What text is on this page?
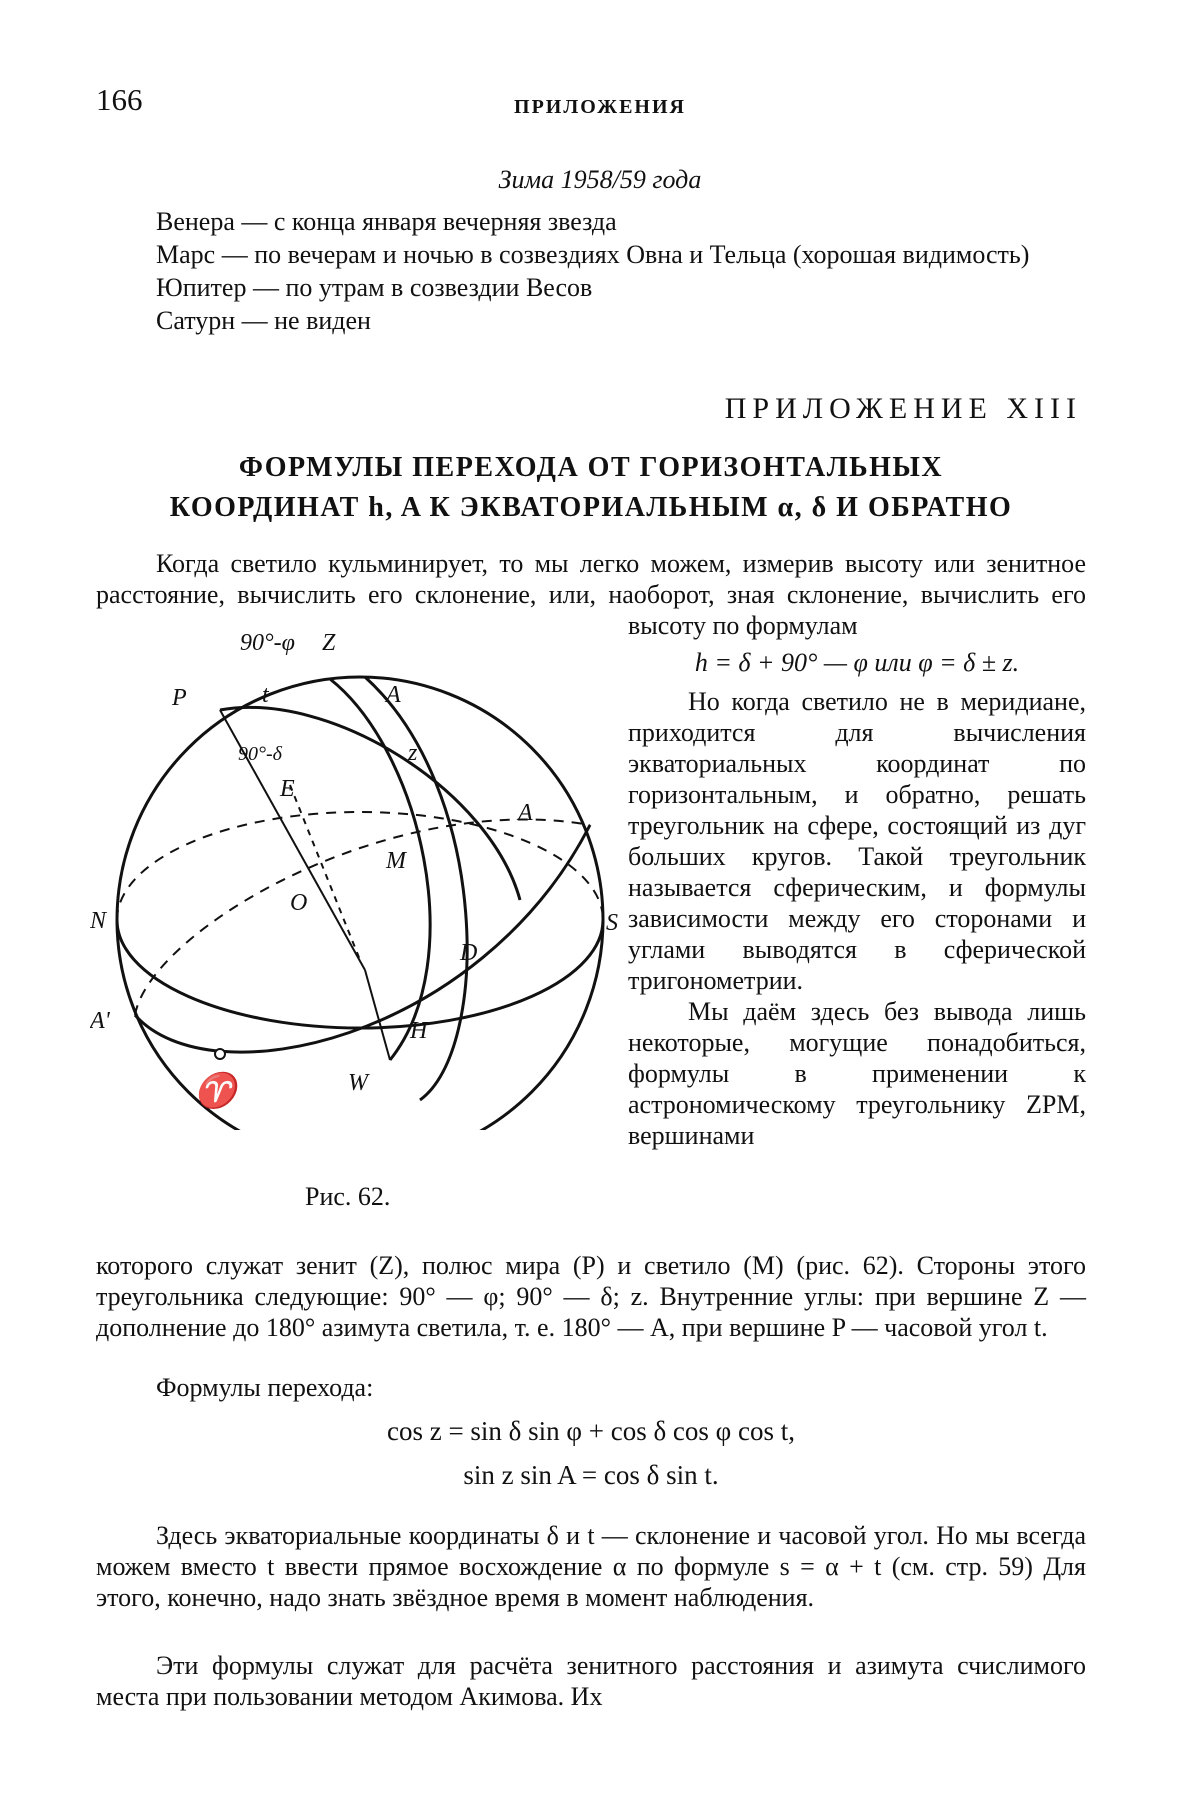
166	ПРИЛОЖЕНИЯ
Зима 1958/59 года
Венера — с конца января вечерняя звезда
Марс — по вечерам и ночью в созвездиях Овна и Тельца (хорошая видимость)
Юпитер — по утрам в созвездии Весов
Сатурн — не виден
ПРИЛОЖЕНИЕ XIII
ФОРМУЛЫ ПЕРЕХОДА ОТ ГОРИЗОНТАЛЬНЫХ
КООРДИНАТ h, A К ЭКВАТОРИАЛЬНЫМ α, δ И ОБРАТНО
Когда светило кульминирует, то мы легко можем, измерив высоту или зенитное расстояние, вычислить его склонение, или, наоборот, зная склонение, вычислить его высоту по формулам
h = δ + 90° — φ или φ = δ ± z.
Но когда светило не в меридиане, приходится для вычисления экваториальных координат по горизонтальным, и обратно, решать треугольник на сфере, состоящий из дуг больших кругов. Такой треугольник называется сферическим, и формулы зависимости между его сторонами и углами выводятся в сферической тригонометрии.
Мы даём здесь без вывода лишь некоторые, могущие понадобиться, формулы в применении к астрономическому треугольнику ZPM, вершинами
90°-φ Z
P	t	A
90°-δ	z
E
A
M
N
O
S
D
A'
W
H
♈
Рис. 62.
которого служат зенит (Z), полюс мира (P) и светило (M) (рис. 62). Стороны этого треугольника следующие: 90° — φ; 90° — δ; z. Внутренние углы: при вершине Z — дополнение до 180° азимута светила, т. е. 180° — A, при вершине P — часовой угол t.
Формулы перехода:
cos z = sin δ sin φ + cos δ cos φ cos t,
sin z sin A = cos δ sin t.
Здесь экваториальные координаты δ и t — склонение и часовой угол. Но мы всегда можем вместо t ввести прямое восхождение α по формуле s = α + t (см. стр. 59) Для этого, конечно, надо знать звёздное время в момент наблюдения.
Эти формулы служат для расчёта зенитного расстояния и азимута счислимого места при пользовании методом Акимова. Их
